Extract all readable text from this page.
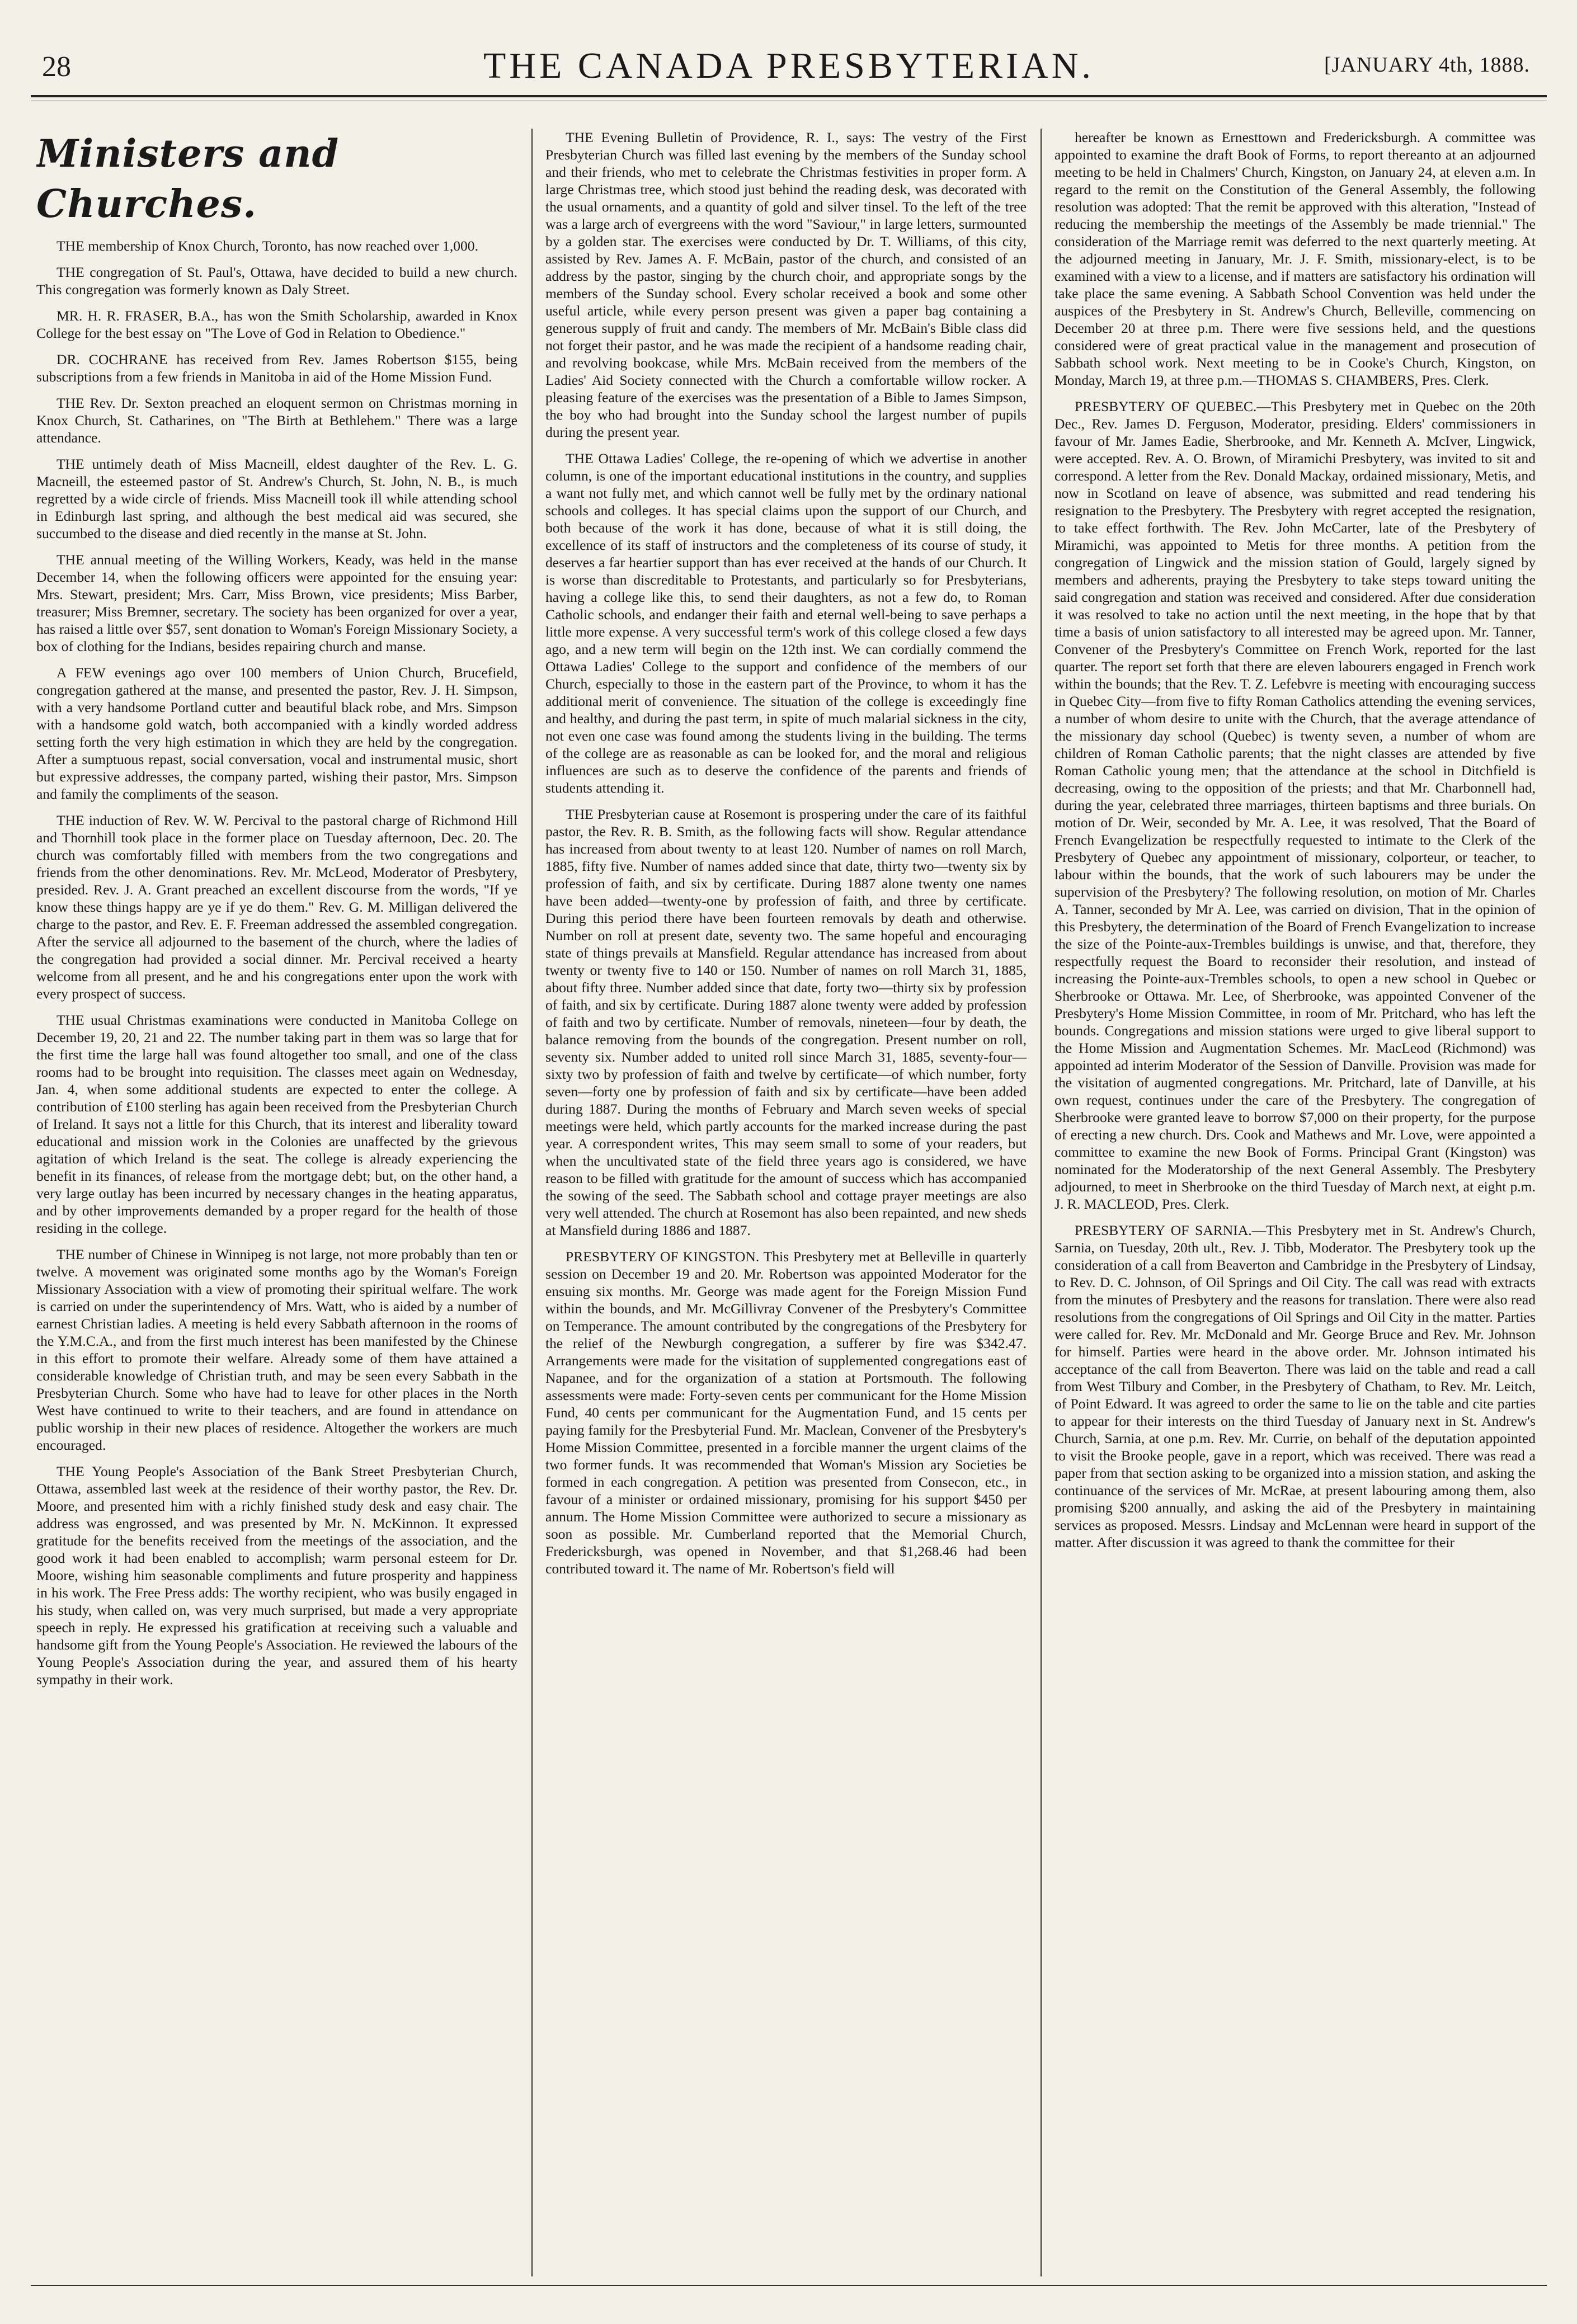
28	THE CANADA PRESBYTERIAN.	[JANUARY 4th, 1888.
Ministers and Churches.

THE membership of Knox Church, Toronto, has now reached over 1,000.

THE congregation of St. Paul's, Ottawa, have decided to build a new church. This congregation was formerly known as Daly Street.

MR. H. R. FRASER, B.A., has won the Smith Scholarship, awarded in Knox College for the best essay on "The Love of God in Relation to Obedience."

DR. COCHRANE has received from Rev. James Robertson $155, being subscriptions from a few friends in Manitoba in aid of the Home Mission Fund.

THE Rev. Dr. Sexton preached an eloquent sermon on Christmas morning in Knox Church, St. Catharines, on "The Birth at Bethlehem." There was a large attendance.

THE untimely death of Miss Macneill, eldest daughter of the Rev. L. G. Macneill, the esteemed pastor of St. Andrew's Church, St. John, N. B., is much regretted by a wide circle of friends. Miss Macneill took ill while attending school in Edinburgh last spring, and although the best medical aid was secured, she succumbed to the disease and died recently in the manse at St. John.

THE annual meeting of the Willing Workers, Keady, was held in the manse December 14, when the following officers were appointed for the ensuing year: Mrs. Stewart, president; Mrs. Carr, Miss Brown, vice presidents; Miss Barber, treasurer; Miss Bremner, secretary. The society has been organized for over a year, has raised a little over $57, sent donation to Woman's Foreign Missionary Society, a box of clothing for the Indians, besides repairing church and manse.

A FEW evenings ago over 100 members of Union Church, Brucefield, congregation gathered at the manse, and presented the pastor, Rev. J. H. Simpson, with a very handsome Portland cutter and beautiful black robe, and Mrs. Simpson with a handsome gold watch, both accompanied with a kindly worded address setting forth the very high estimation in which they are held by the congregation. After a sumptuous repast, social conversation, vocal and instrumental music, short but expressive addresses, the company parted, wishing their pastor, Mrs. Simpson and family the compliments of the season.

THE induction of Rev. W. W. Percival to the pastoral charge of Richmond Hill and Thornhill took place in the former place on Tuesday afternoon, Dec. 20. The church was comfortably filled with members from the two congregations and friends from the other denominations. Rev. Mr. McLeod, Moderator of Presbytery, presided. Rev. J. A. Grant preached an excellent discourse from the words, "If ye know these things happy are ye if ye do them." Rev. G. M. Milligan delivered the charge to the pastor, and Rev. E. F. Freeman addressed the assembled congregation. After the service all adjourned to the basement of the church, where the ladies of the congregation had provided a social dinner. Mr. Percival received a hearty welcome from all present, and he and his congregations enter upon the work with every prospect of success.

THE usual Christmas examinations were conducted in Manitoba College on December 19, 20, 21 and 22. The number taking part in them was so large that for the first time the large hall was found altogether too small, and one of the class rooms had to be brought into requisition. The classes meet again on Wednesday, Jan. 4, when some additional students are expected to enter the college. A contribution of £100 sterling has again been received from the Presbyterian Church of Ireland. It says not a little for this Church, that its interest and liberality toward educational and mission work in the Colonies are unaffected by the grievous agitation of which Ireland is the seat. The college is already experiencing the benefit in its finances, of release from the mortgage debt; but, on the other hand, a very large outlay has been incurred by necessary changes in the heating apparatus, and by other improvements demanded by a proper regard for the health of those residing in the college.

THE number of Chinese in Winnipeg is not large, not more probably than ten or twelve. A movement was originated some months ago by the Woman's Foreign Missionary Association with a view of promoting their spiritual welfare. The work is carried on under the superintendency of Mrs. Watt, who is aided by a number of earnest Christian ladies. A meeting is held every Sabbath afternoon in the rooms of the Y.M.C.A., and from the first much interest has been manifested by the Chinese in this effort to promote their welfare. Already some of them have attained a considerable knowledge of Christian truth, and may be seen every Sabbath in the Presbyterian Church. Some who have had to leave for other places in the North West have continued to write to their teachers, and are found in attendance on public worship in their new places of residence. Altogether the workers are much encouraged.

THE Young People's Association of the Bank Street Presbyterian Church, Ottawa, assembled last week at the residence of their worthy pastor, the Rev. Dr. Moore, and presented him with a richly finished study desk and easy chair. The address was engrossed, and was presented by Mr. N. McKinnon. It expressed gratitude for the benefits received from the meetings of the association, and the good work it had been enabled to accomplish; warm personal esteem for Dr. Moore, wishing him seasonable compliments and future prosperity and happiness in his work. The Free Press adds: The worthy recipient, who was busily engaged in his study, when called on, was very much surprised, but made a very appropriate speech in reply. He expressed his gratification at receiving such a valuable and handsome gift from the Young People's Association. He reviewed the labours of the Young People's Association during the year, and assured them of his hearty sympathy in their work.

THE Evening Bulletin of Providence, R. I., says: The vestry of the First Presbyterian Church was filled last evening by the members of the Sunday school and their friends, who met to celebrate the Christmas festivities in proper form. A large Christmas tree, which stood just behind the reading desk, was decorated with the usual ornaments, and a quantity of gold and silver tinsel. To the left of the tree was a large arch of evergreens with the word "Saviour," in large letters, surmounted by a golden star. The exercises were conducted by Dr. T. Williams, of this city, assisted by Rev. James A. F. McBain, pastor of the church, and consisted of an address by the pastor, singing by the church choir, and appropriate songs by the members of the Sunday school. Every scholar received a book and some other useful article, while every person present was given a paper bag containing a generous supply of fruit and candy. The members of Mr. McBain's Bible class did not forget their pastor, and he was made the recipient of a handsome reading chair, and revolving bookcase, while Mrs. McBain received from the members of the Ladies' Aid Society connected with the Church a comfortable willow rocker. A pleasing feature of the exercises was the presentation of a Bible to James Simpson, the boy who had brought into the Sunday school the largest number of pupils during the present year.

THE Ottawa Ladies' College, the re-opening of which we advertise in another column, is one of the important educational institutions in the country, and supplies a want not fully met, and which cannot well be fully met by the ordinary national schools and colleges. It has special claims upon the support of our Church, and both because of the work it has done, because of what it is still doing, the excellence of its staff of instructors and the completeness of its course of study, it deserves a far heartier support than has ever received at the hands of our Church. It is worse than discreditable to Protestants, and particularly so for Presbyterians, having a college like this, to send their daughters, as not a few do, to Roman Catholic schools, and endanger their faith and eternal well-being to save perhaps a little more expense. A very successful term's work of this college closed a few days ago, and a new term will begin on the 12th inst. We can cordially commend the Ottawa Ladies' College to the support and confidence of the members of our Church, especially to those in the eastern part of the Province, to whom it has the additional merit of convenience. The situation of the college is exceedingly fine and healthy, and during the past term, in spite of much malarial sickness in the city, not even one case was found among the students living in the building. The terms of the college are as reasonable as can be looked for, and the moral and religious influences are such as to deserve the confidence of the parents and friends of students attending it.

THE Presbyterian cause at Rosemont is prospering under the care of its faithful pastor, the Rev. R. B. Smith, as the following facts will show. Regular attendance has increased from about twenty to at least 120. Number of names on roll March, 1885, fifty five. Number of names added since that date, thirty two—twenty six by profession of faith, and six by certificate. During 1887 alone twenty one names have been added—twenty-one by profession of faith, and three by certificate. During this period there have been fourteen removals by death and otherwise. Number on roll at present date, seventy two. The same hopeful and encouraging state of things prevails at Mansfield. Regular attendance has increased from about twenty or twenty five to 140 or 150. Number of names on roll March 31, 1885, about fifty three. Number added since that date, forty two—thirty six by profession of faith, and six by certificate. During 1887 alone twenty were added by profession of faith and two by certificate. Number of removals, nineteen—four by death, the balance removing from the bounds of the congregation. Present number on roll, seventy six. Number added to united roll since March 31, 1885, seventy-four—sixty two by profession of faith and twelve by certificate—of which number, forty seven—forty one by profession of faith and six by certificate—have been added during 1887. During the months of February and March seven weeks of special meetings were held, which partly accounts for the marked increase during the past year. A correspondent writes, This may seem small to some of your readers, but when the uncultivated state of the field three years ago is considered, we have reason to be filled with gratitude for the amount of success which has accompanied the sowing of the seed. The Sabbath school and cottage prayer meetings are also very well attended. The church at Rosemont has also been repainted, and new sheds at Mansfield during 1886 and 1887.

PRESBYTERY OF KINGSTON. This Presbytery met at Belleville in quarterly session on December 19 and 20. Mr. Robertson was appointed Moderator for the ensuing six months. Mr. George was made agent for the Foreign Mission Fund within the bounds, and Mr. McGillivray Convener of the Presbytery's Committee on Temperance. The amount contributed by the congregations of the Presbytery for the relief of the Newburgh congregation, a sufferer by fire was $342.47. Arrangements were made for the visitation of supplemented congregations east of Napanee, and for the organization of a station at Portsmouth. The following assessments were made: Forty-seven cents per communicant for the Home Mission Fund, 40 cents per communicant for the Augmentation Fund, and 15 cents per paying family for the Presbyterial Fund. Mr. Maclean, Convener of the Presbytery's Home Mission Committee, presented in a forcible manner the urgent claims of the two former funds. It was recommended that Woman's Mission ary Societies be formed in each congregation. A petition was presented from Consecon, etc., in favour of a minister or ordained missionary, promising for his support $450 per annum. The Home Mission Committee were authorized to secure a missionary as soon as possible. Mr. Cumberland reported that the Memorial Church, Fredericksburgh, was opened in November, and that $1,268.46 had been contributed toward it. The name of Mr. Robertson's field will

hereafter be known as Ernesttown and Fredericksburgh. A committee was appointed to examine the draft Book of Forms, to report thereanto at an adjourned meeting to be held in Chalmers' Church, Kingston, on January 24, at eleven a.m. In regard to the remit on the Constitution of the General Assembly, the following resolution was adopted: That the remit be approved with this alteration, "Instead of reducing the membership the meetings of the Assembly be made triennial." The consideration of the Marriage remit was deferred to the next quarterly meeting. At the adjourned meeting in January, Mr. J. F. Smith, missionary-elect, is to be examined with a view to a license, and if matters are satisfactory his ordination will take place the same evening. A Sabbath School Convention was held under the auspices of the Presbytery in St. Andrew's Church, Belleville, commencing on December 20 at three p.m. There were five sessions held, and the questions considered were of great practical value in the management and prosecution of Sabbath school work. Next meeting to be in Cooke's Church, Kingston, on Monday, March 19, at three p.m.—THOMAS S. CHAMBERS, Pres. Clerk.

PRESBYTERY OF QUEBEC.—This Presbytery met in Quebec on the 20th Dec., Rev. James D. Ferguson, Moderator, presiding. Elders' commissioners in favour of Mr. James Eadie, Sherbrooke, and Mr. Kenneth A. McIver, Lingwick, were accepted. Rev. A. O. Brown, of Miramichi Presbytery, was invited to sit and correspond. A letter from the Rev. Donald Mackay, ordained missionary, Metis, and now in Scotland on leave of absence, was submitted and read tendering his resignation to the Presbytery. The Presbytery with regret accepted the resignation, to take effect forthwith. The Rev. John McCarter, late of the Presbytery of Miramichi, was appointed to Metis for three months. A petition from the congregation of Lingwick and the mission station of Gould, largely signed by members and adherents, praying the Presbytery to take steps toward uniting the said congregation and station was received and considered. After due consideration it was resolved to take no action until the next meeting, in the hope that by that time a basis of union satisfactory to all interested may be agreed upon. Mr. Tanner, Convener of the Presbytery's Committee on French Work, reported for the last quarter. The report set forth that there are eleven labourers engaged in French work within the bounds; that the Rev. T. Z. Lefebvre is meeting with encouraging success in Quebec City—from five to fifty Roman Catholics attending the evening services, a number of whom desire to unite with the Church, that the average attendance of the missionary day school (Quebec) is twenty seven, a number of whom are children of Roman Catholic parents; that the night classes are attended by five Roman Catholic young men; that the attendance at the school in Ditchfield is decreasing, owing to the opposition of the priests; and that Mr. Charbonnell had, during the year, celebrated three marriages, thirteen baptisms and three burials. On motion of Dr. Weir, seconded by Mr. A. Lee, it was resolved, That the Board of French Evangelization be respectfully requested to intimate to the Clerk of the Presbytery of Quebec any appointment of missionary, colporteur, or teacher, to labour within the bounds, that the work of such labourers may be under the supervision of the Presbytery? The following resolution, on motion of Mr. Charles A. Tanner, seconded by Mr A. Lee, was carried on division, That in the opinion of this Presbytery, the determination of the Board of French Evangelization to increase the size of the Pointe-aux-Trembles buildings is unwise, and that, therefore, they respectfully request the Board to reconsider their resolution, and instead of increasing the Pointe-aux-Trembles schools, to open a new school in Quebec or Sherbrooke or Ottawa. Mr. Lee, of Sherbrooke, was appointed Convener of the Presbytery's Home Mission Committee, in room of Mr. Pritchard, who has left the bounds. Congregations and mission stations were urged to give liberal support to the Home Mission and Augmentation Schemes. Mr. MacLeod (Richmond) was appointed ad interim Moderator of the Session of Danville. Provision was made for the visitation of augmented congregations. Mr. Pritchard, late of Danville, at his own request, continues under the care of the Presbytery. The congregation of Sherbrooke were granted leave to borrow $7,000 on their property, for the purpose of erecting a new church. Drs. Cook and Mathews and Mr. Love, were appointed a committee to examine the new Book of Forms. Principal Grant (Kingston) was nominated for the Moderatorship of the next General Assembly. The Presbytery adjourned, to meet in Sherbrooke on the third Tuesday of March next, at eight p.m. J. R. MACLEOD, Pres. Clerk.

PRESBYTERY OF SARNIA.—This Presbytery met in St. Andrew's Church, Sarnia, on Tuesday, 20th ult., Rev. J. Tibb, Moderator. The Presbytery took up the consideration of a call from Beaverton and Cambridge in the Presbytery of Lindsay, to Rev. D. C. Johnson, of Oil Springs and Oil City. The call was read with extracts from the minutes of Presbytery and the reasons for translation. There were also read resolutions from the congregations of Oil Springs and Oil City in the matter. Parties were called for. Rev. Mr. McDonald and Mr. George Bruce and Rev. Mr. Johnson for himself. Parties were heard in the above order. Mr. Johnson intimated his acceptance of the call from Beaverton. There was laid on the table and read a call from West Tilbury and Comber, in the Presbytery of Chatham, to Rev. Mr. Leitch, of Point Edward. It was agreed to order the same to lie on the table and cite parties to appear for their interests on the third Tuesday of January next in St. Andrew's Church, Sarnia, at one p.m. Rev. Mr. Currie, on behalf of the deputation appointed to visit the Brooke people, gave in a report, which was received. There was read a paper from that section asking to be organized into a mission station, and asking the continuance of the services of Mr. McRae, at present labouring among them, also promising $200 annually, and asking the aid of the Presbytery in maintaining services as proposed. Messrs. Lindsay and McLennan were heard in support of the matter. After discussion it was agreed to thank the committee for their
